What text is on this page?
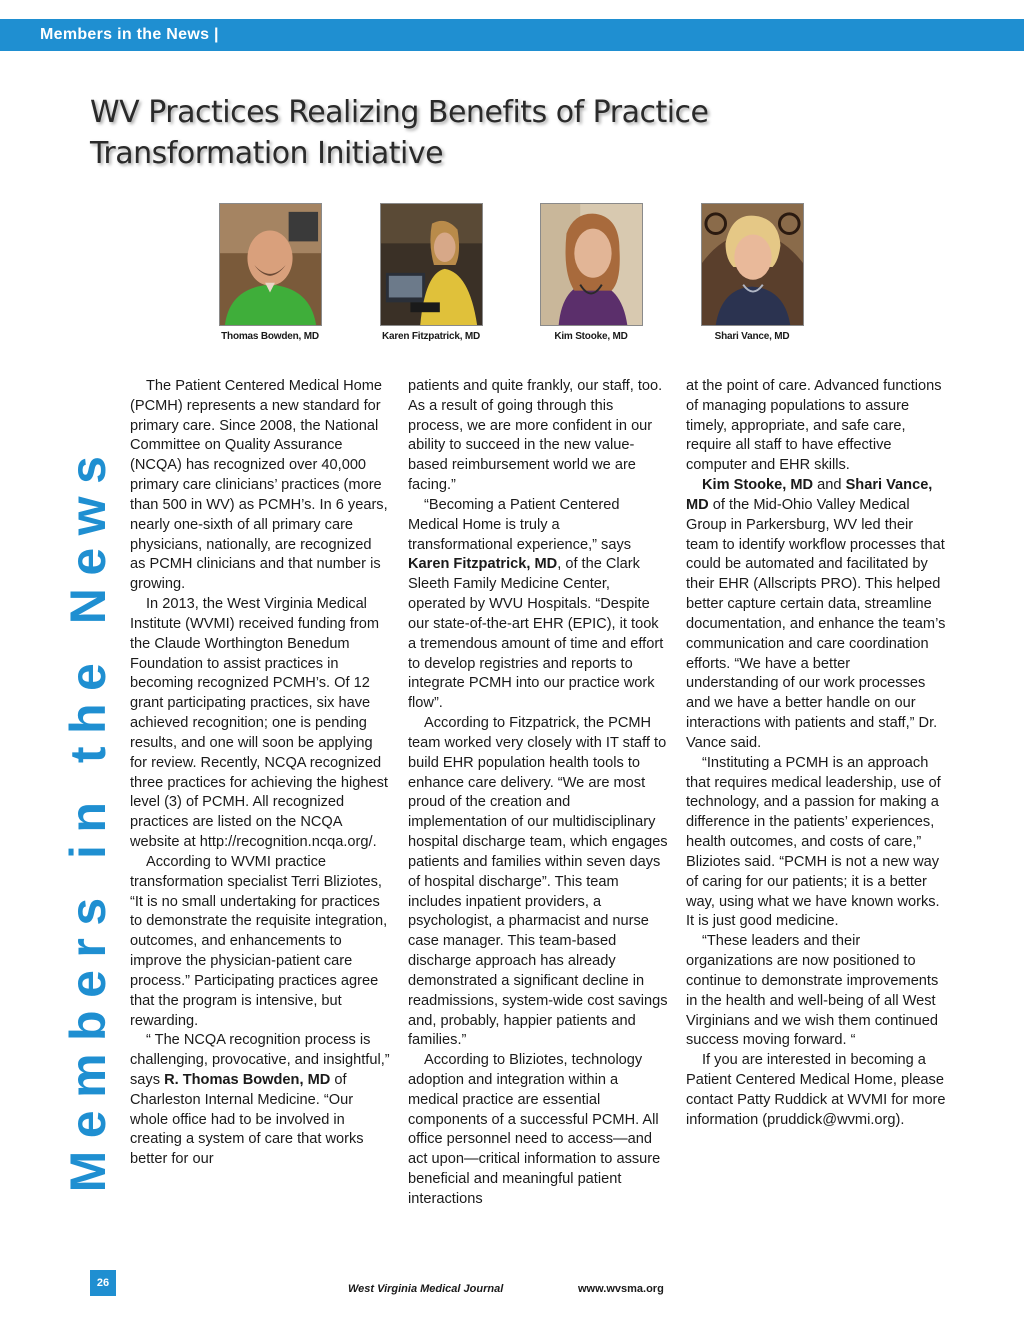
Members in the News |
WV Practices Realizing Benefits of Practice
Transformation Initiative
Thomas Bowden, MD	Karen Fitzpatrick, MD	Kim Stooke, MD	Shari Vance, MD
Members in the News

The Patient Centered Medical Home (PCMH) represents a new standard for primary care. Since 2008, the National Committee on Quality Assurance (NCQA) has recognized over 40,000 primary care clinicians’ practices (more than 500 in WV) as PCMH’s. In 6 years, nearly one-sixth of all primary care physicians, nationally, are recognized as PCMH clinicians and that number is growing.

In 2013, the West Virginia Medical Institute (WVMI) received funding from the Claude Worthington Benedum Foundation to assist practices in becoming recognized PCMH’s. Of 12 grant participating practices, six have achieved recognition; one is pending results, and one will soon be applying for review. Recently, NCQA recognized three practices for achieving the highest level (3) of PCMH. All recognized practices are listed on the NCQA website at http://recognition.ncqa.org/.

According to WVMI practice transformation specialist Terri Bliziotes, “It is no small undertaking for practices to demonstrate the requisite integration, outcomes, and enhancements to improve the physician-patient care process.” Participating practices agree that the program is intensive, but rewarding.

“ The NCQA recognition process is challenging, provocative, and insightful,” says R. Thomas Bowden, MD of Charleston Internal Medicine. “Our whole office had to be involved in creating a system of care that works better for our

patients and quite frankly, our staff, too. As a result of going through this process, we are more confident in our ability to succeed in the new value-based reimbursement world we are facing.”

“Becoming a Patient Centered Medical Home is truly a transformational experience,” says Karen Fitzpatrick, MD, of the Clark Sleeth Family Medicine Center, operated by WVU Hospitals. “Despite our state-of-the-art EHR (EPIC), it took a tremendous amount of time and effort to develop registries and reports to integrate PCMH into our practice work flow”.

According to Fitzpatrick, the PCMH team worked very closely with IT staff to build EHR population health tools to enhance care delivery. “We are most proud of the creation and implementation of our multidisciplinary hospital discharge team, which engages patients and families within seven days of hospital discharge”. This team includes inpatient providers, a psychologist, a pharmacist and nurse case manager. This team-based discharge approach has already demonstrated a significant decline in readmissions, system-wide cost savings and, probably, happier patients and families.”

According to Bliziotes, technology adoption and integration within a medical practice are essential components of a successful PCMH. All office personnel need to access—and act upon—critical information to assure beneficial and meaningful patient interactions

at the point of care. Advanced functions of managing populations to assure timely, appropriate, and safe care, require all staff to have effective computer and EHR skills.

Kim Stooke, MD and Shari Vance, MD of the Mid-Ohio Valley Medical Group in Parkersburg, WV led their team to identify workflow processes that could be automated and facilitated by their EHR (Allscripts PRO). This helped better capture certain data, streamline documentation, and enhance the team’s communication and care coordination efforts. “We have a better understanding of our work processes and we have a better handle on our interactions with patients and staff,” Dr. Vance said.

“Instituting a PCMH is an approach that requires medical leadership, use of technology, and a passion for making a difference in the patients’ experiences, health outcomes, and costs of care,” Bliziotes said. “PCMH is not a new way of caring for our patients; it is a better way, using what we have known works. It is just good medicine.

“These leaders and their organizations are now positioned to continue to demonstrate improvements in the health and well-being of all West Virginians and we wish them continued success moving forward. “

If you are interested in becoming a Patient Centered Medical Home, please contact Patty Ruddick at WVMI for more information (pruddick@wvmi.org).

26	West Virginia Medical Journal	www.wvsma.org
